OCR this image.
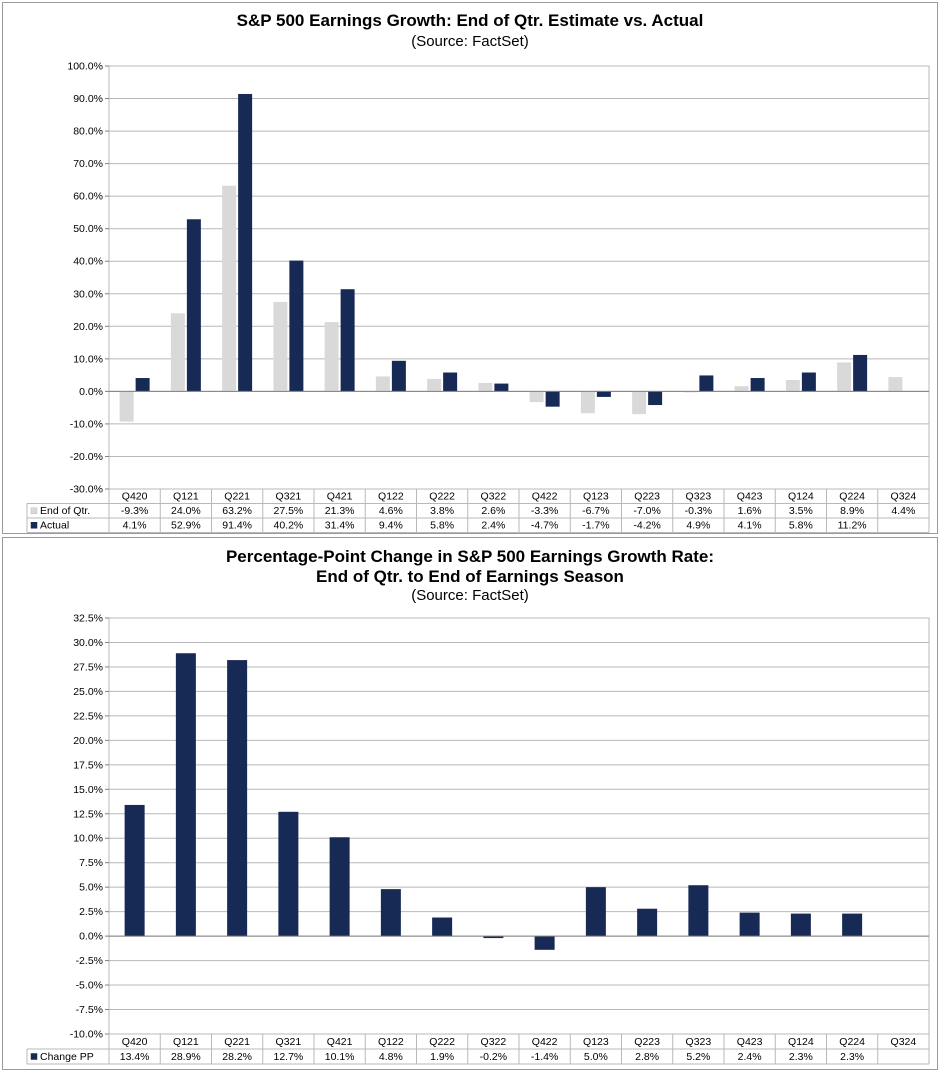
S&P 500 Earnings Growth: End of Qtr. Estimate vs. Actual
(Source: FactSet)
-30.0%
-20.0%
-10.0%
0.0%
10.0%
20.0%
30.0%
40.0%
50.0%
60.0%
70.0%
80.0%
90.0%
100.0%
Q420 Q121 Q221 Q321 Q421 Q122 Q222 Q322 Q422 Q123 Q223 Q323 Q423 Q124 Q224 Q324
End of Qtr.	-9.3% 24.0% 63.2% 27.5% 21.3% 4.6%	3.8%	2.6% -3.3% -6.7% -7.0% -0.3% 1.6%	3.5%	8.9%	4.4%
Actual	4.1% 52.9% 91.4% 40.2% 31.4% 9.4%	5.8%	2.4% -4.7% -1.7% -4.2% 4.9%	4.1%	5.8% 11.2%
Percentage-Point Change in S&P 500 Earnings Growth Rate:
End of Qtr. to End of Earnings Season
(Source: FactSet)
-10.0%
-7.5%
-5.0%
-2.5%
0.0%
2.5%
5.0%
7.5%
10.0%
12.5%
15.0%
17.5%
20.0%
22.5%
25.0%
27.5%
30.0%
32.5%
Q420 Q121 Q221 Q321 Q421 Q122 Q222 Q322 Q422 Q123 Q223 Q323 Q423 Q124 Q224 Q324
Change PP 13.4% 28.9% 28.2% 12.7% 10.1% 4.8%	1.9% -0.2% -1.4% 5.0%	2.8%	5.2%	2.4%	2.3%	2.3%
